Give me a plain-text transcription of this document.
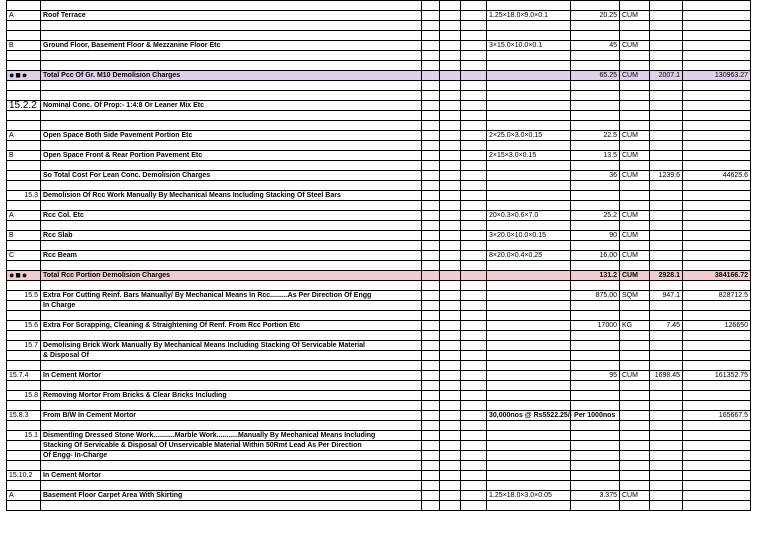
A	Roof Terrace				1.25×18.0×9.0×0.1	20.25	CUM		

B	Ground Floor, Basement Floor & Mezzanine Floor Etc				3×15.0×10.0×0.1	45	CUM		

●■●	Total Pcc Of Gr. M10 Demolision Charges					65.25	CUM	2007.1	130963.27

15.2.2	Nominal Conc. Of Prop:- 1:4:8 Or Leaner Mix Etc								

A	Open Space Both Side Pavement Portion Etc				2×25.0×3.0×0.15	22.5	CUM		

B	Open Space Front & Rear Portion Pavement Etc				2×15×3.0×0.15	13.5	CUM		

	So Total Cost For Lean Conc. Demolision Charges					36	CUM	1239.6	44625.6

15.3	Demolision Of Rcc Work Manually By Mechanical Means Including Stacking Of Steel Bars								

A	Rcc Col. Etc				20×0.3×0.6×7.0	25.2	CUM		

B	Rcc Slab				3×20.0×10.0×0.15	90	CUM		

C	Rcc Beam				8×20.0×0.4×0.25	16.00	CUM		

●■●	Total Rcc Portion Demolision Charges					131.2	CUM	2928.1	384166.72

15.5	Extra For Cutting Reinf. Bars Manually/ By Mechanical Means In Rcc.........As Per Direction Of Engg					875.00	SQM	947.1	828712.5
	In Charge								

15.6	Extra For Scrapping, Cleaning & Straightening Of Renf. From Rcc Portion Etc					17000	KG	7.45	126650

15.7	Demolising Brick Work Manually By Mechanical Means Including Stacking Of Servicable Material								
	& Disposal Of								

15.7.4	In Cement Mortor					95	CUM	1698.45	161352.75

15.8	Removing Mortor From Bricks & Clear Bricks Including								

15.8.3	From B/W In Cement Mortor				30,000nos @ Rs5522.25/- Per 1000nos				165667.5

15.1	Dismentling Dressed Stone Work...........Marble Work...........Manually By Mechanical Means Including								
	Stacking Of Servicable & Disposal Of Unservicable Material Within 50Rmt Lead As Per Direction								
	Of Engg- In-Charge								

15.10.2	In Cement Mortor								

A	Basement Floor Carpet Area With Skirting				1.25×18.0×3.0×0.05	3.375	CUM		
